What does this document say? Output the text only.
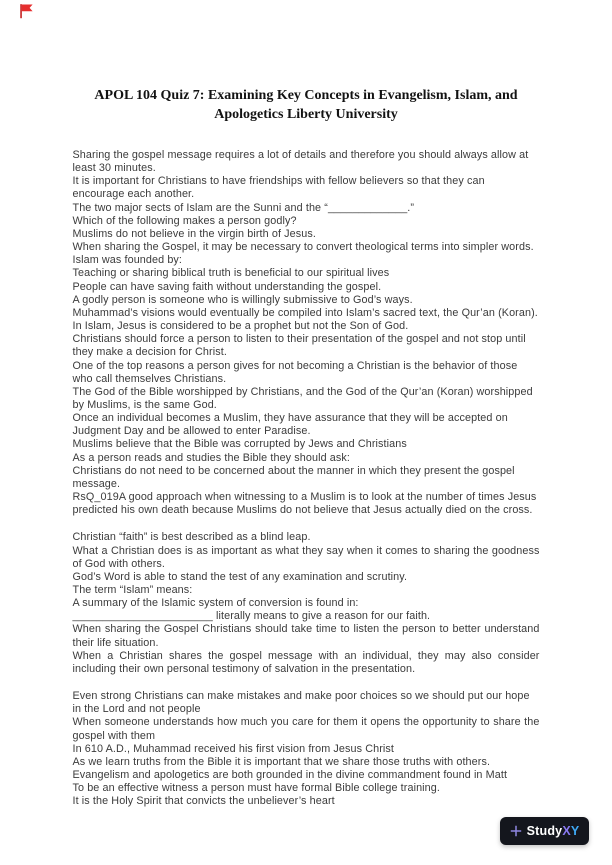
APOL 104 Quiz 7: Examining Key Concepts in Evangelism, Islam, and
Apologetics Liberty University

Sharing the gospel message requires a lot of details and therefore you should always allow at least 30 minutes.

It is important for Christians to have friendships with fellow believers so that they can encourage each another.

The two major sects of Islam are the Sunni and the “_____________.”

Which of the following makes a person godly?

Muslims do not believe in the virgin birth of Jesus.

When sharing the Gospel, it may be necessary to convert theological terms into simpler words.

Islam was founded by:

Teaching or sharing biblical truth is beneficial to our spiritual lives

People can have saving faith without understanding the gospel.

A godly person is someone who is willingly submissive to God’s ways.

Muhammad’s visions would eventually be compiled into Islam’s sacred text, the Qur’an (Koran).

In Islam, Jesus is considered to be a prophet but not the Son of God.

Christians should force a person to listen to their presentation of the gospel and not stop until they make a decision for Christ.

One of the top reasons a person gives for not becoming a Christian is the behavior of those who call themselves Christians.

The God of the Bible worshipped by Christians, and the God of the Qur’an (Koran) worshipped by Muslims, is the same God.

Once an individual becomes a Muslim, they have assurance that they will be accepted on Judgment Day and be allowed to enter Paradise.

Muslims believe that the Bible was corrupted by Jews and Christians

As a person reads and studies the Bible they should ask:

Christians do not need to be concerned about the manner in which they present the gospel message.

RsQ_019A good approach when witnessing to a Muslim is to look at the number of times Jesus predicted his own death because Muslims do not believe that Jesus actually died on the cross.

Christian “faith” is best described as a blind leap.

What a Christian does is as important as what they say when it comes to sharing the goodness of God with others.

God’s Word is able to stand the test of any examination and scrutiny.

The term “Islam” means:

A summary of the Islamic system of conversion is found in:

_______________________ literally means to give a reason for our faith.

When sharing the Gospel Christians should take time to listen the person to better understand their life situation.

When a Christian shares the gospel message with an individual, they may also consider including their own personal testimony of salvation in the presentation.

Even strong Christians can make mistakes and make poor choices so we should put our hope in the Lord and not people

When someone understands how much you care for them it opens the opportunity to share the gospel with them

In 610 A.D., Muhammad received his first vision from Jesus Christ

As we learn truths from the Bible it is important that we share those truths with others.

Evangelism and apologetics are both grounded in the divine commandment found in Matt

To be an effective witness a person must have formal Bible college training.

It is the Holy Spirit that convicts the unbeliever’s heart

StudyXY
